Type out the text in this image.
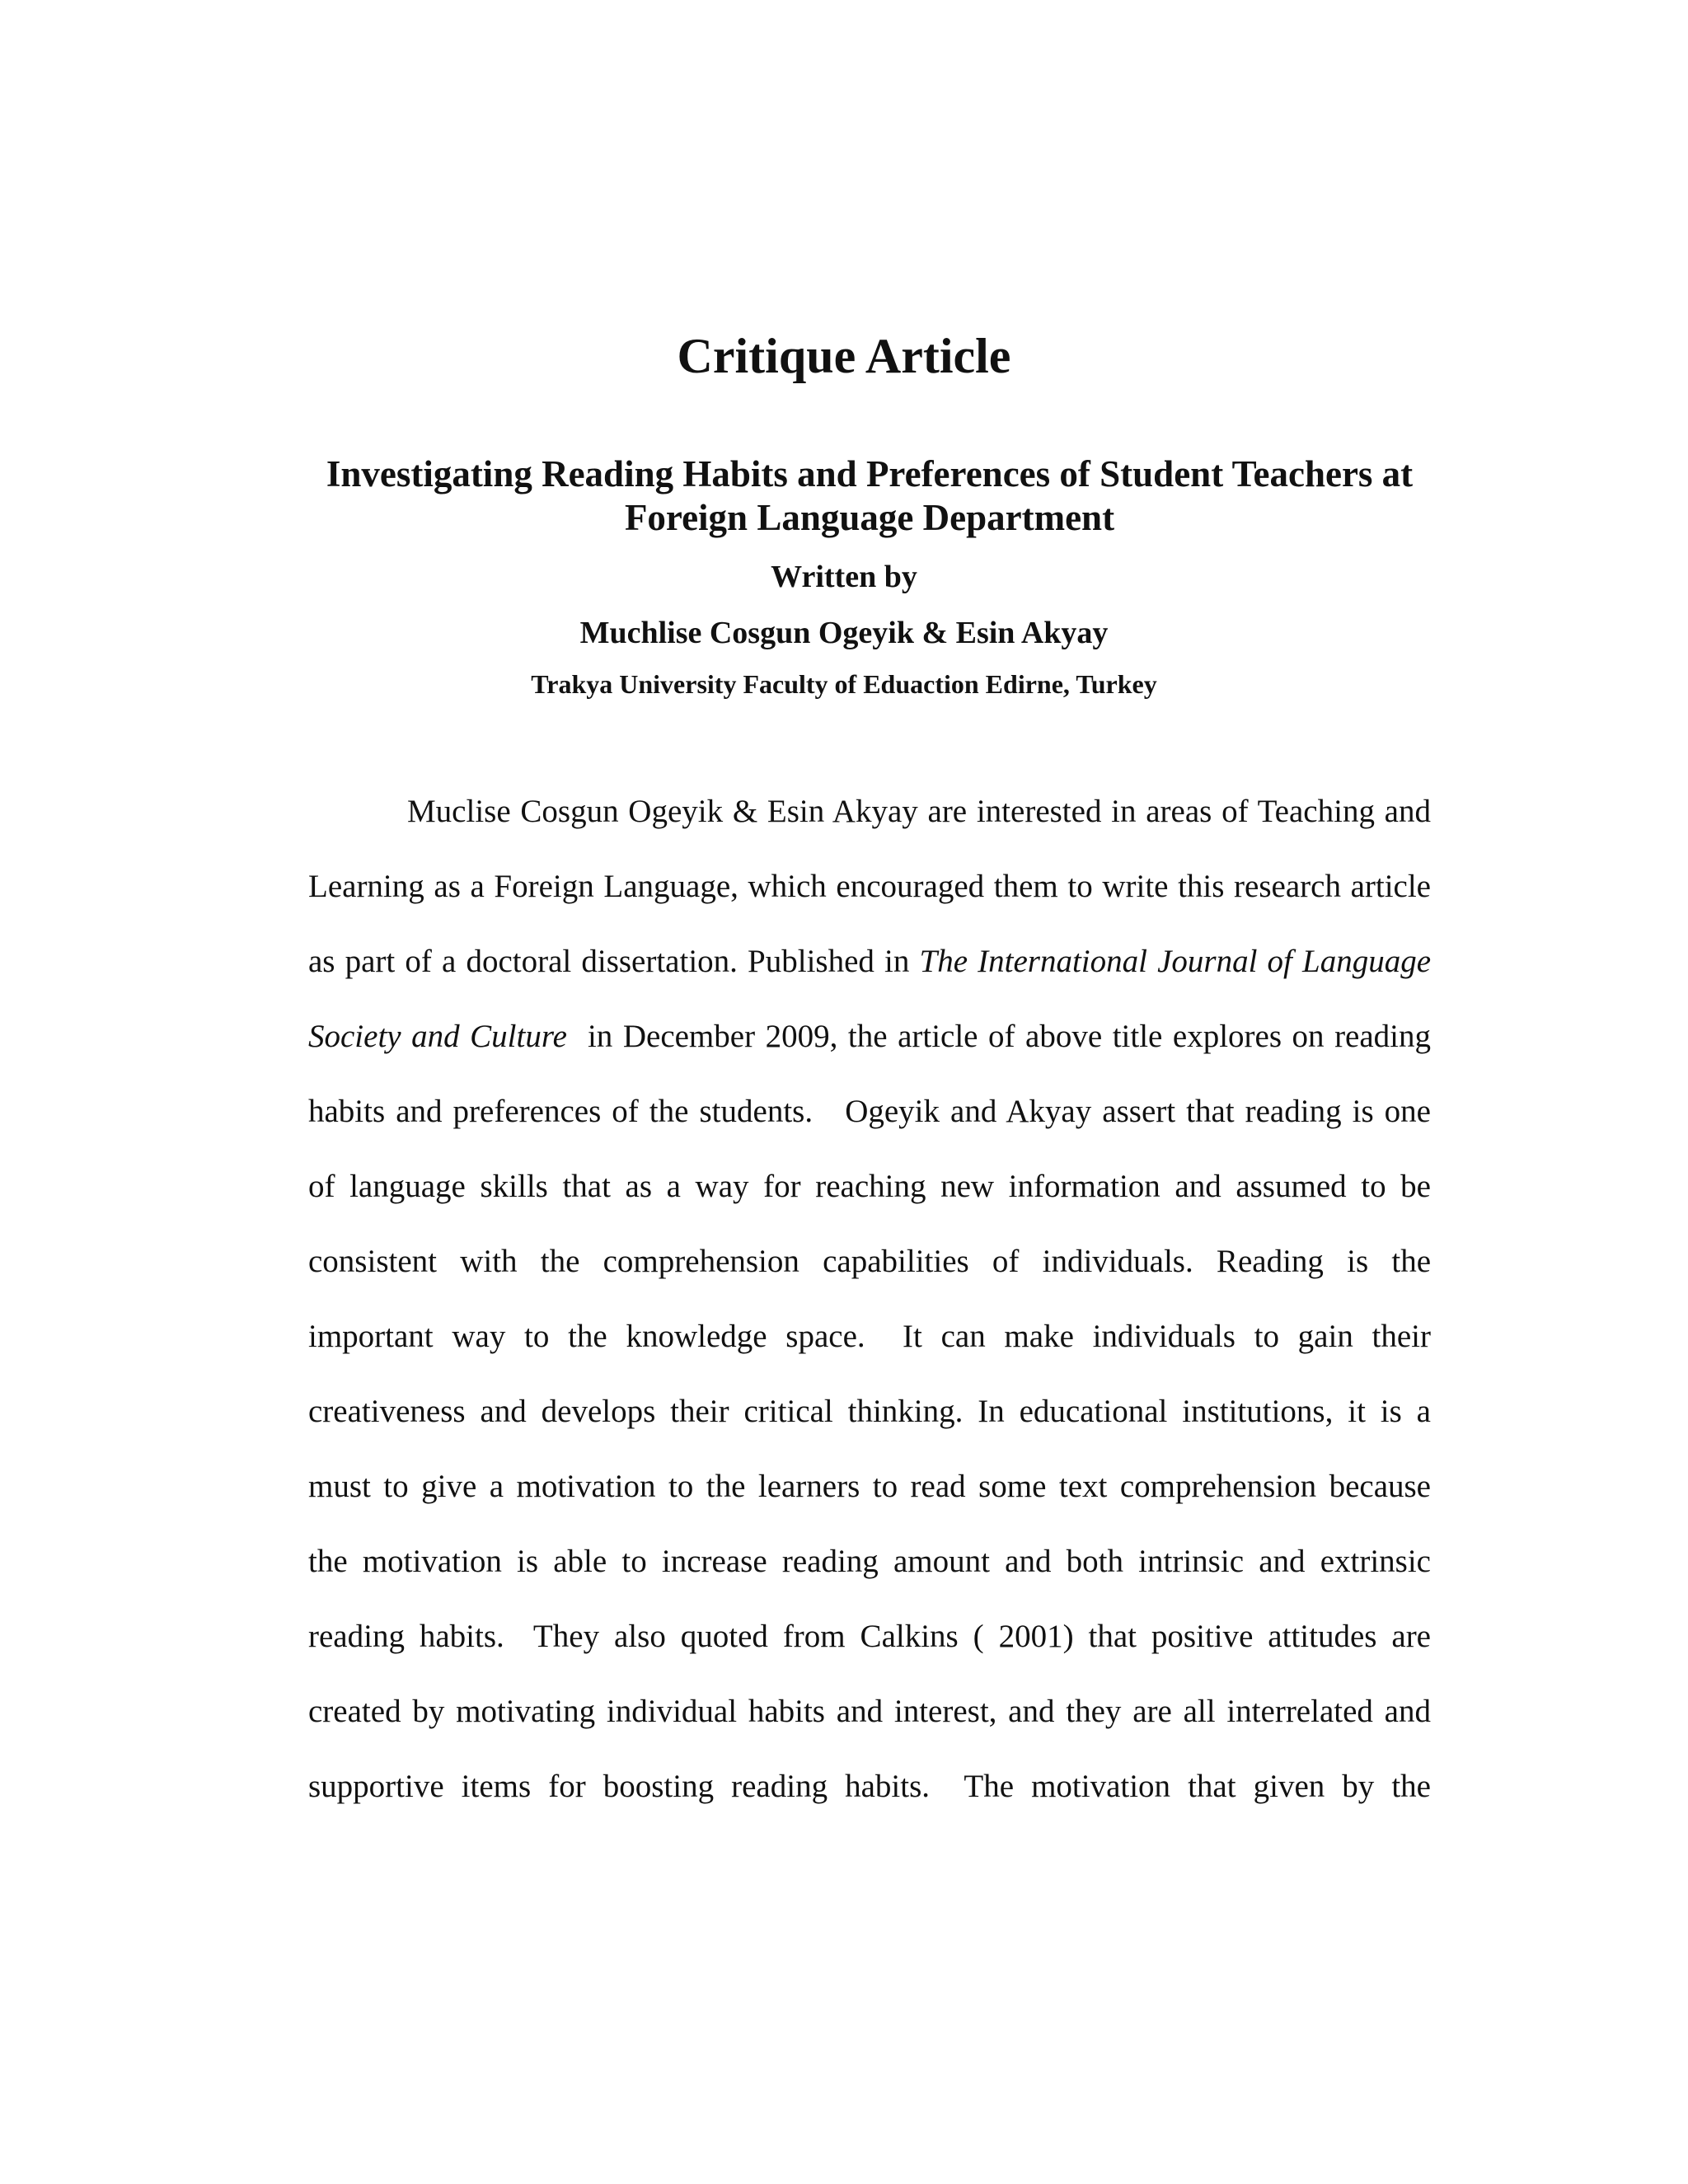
Critique Article
Investigating Reading Habits and Preferences of Student Teachers at Foreign Language Department

Written by

Muchlise Cosgun Ogeyik & Esin Akyay

Trakya University Faculty of Eduaction Edirne, Turkey

Muclise Cosgun Ogeyik & Esin Akyay are interested in areas of Teaching and
Learning as a Foreign Language, which encouraged them to write this research article
as part of a doctoral dissertation. Published in The International Journal of Language
Society and Culture  in December 2009, the article of above title explores on reading
habits and preferences of the students.   Ogeyik and Akyay assert that reading is one
of language skills that as a way for reaching new information and assumed to be
consistent with the comprehension capabilities of individuals. Reading is the
important way to the knowledge space.  It can make individuals to gain their
creativeness and develops their critical thinking. In educational institutions, it is a
must to give a motivation to the learners to read some text comprehension because
the motivation is able to increase reading amount and both intrinsic and extrinsic
reading habits.  They also quoted from Calkins ( 2001) that positive attitudes are
created by motivating individual habits and interest, and they are all interrelated and
supportive items for boosting reading habits.  The motivation that given by the
